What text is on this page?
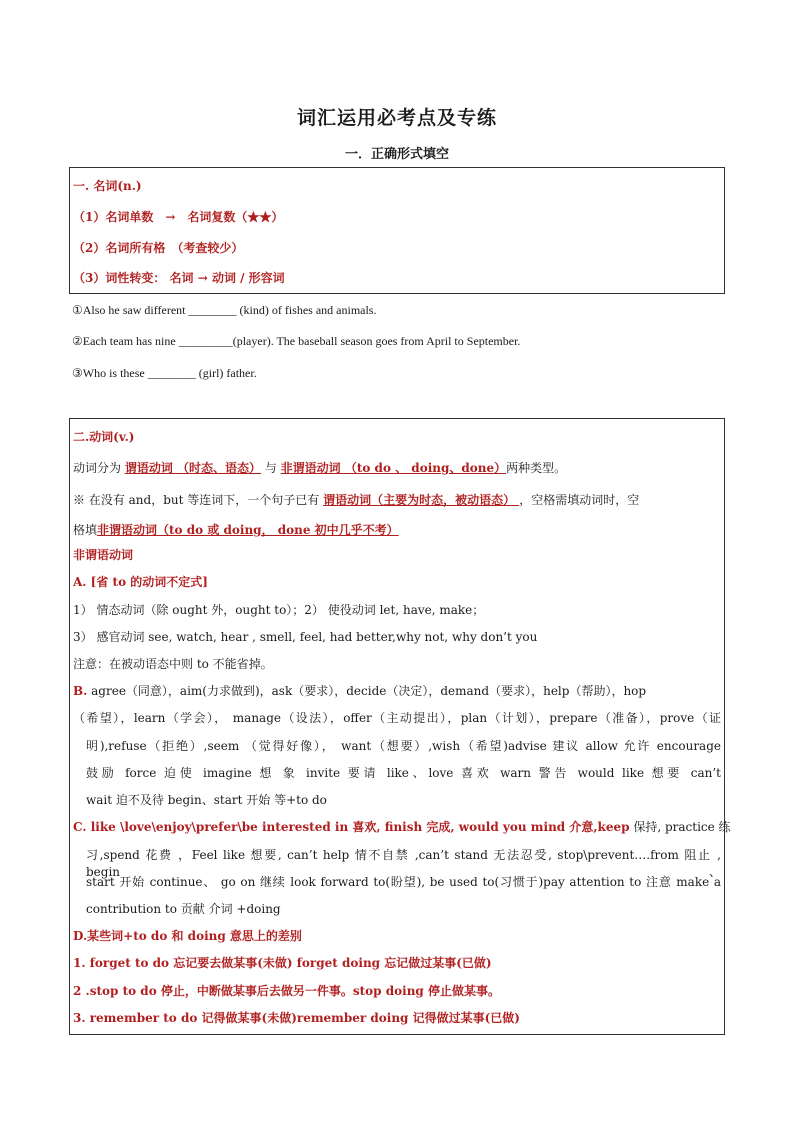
词汇运用必考点及专练
一．正确形式填空
一. 名词(n.)
（1）名词单数　→　名词复数（★★）
（2）名词所有格　（考查较少）
（3）词性转变： 名词 → 动词 / 形容词
①Also he saw different ________ (kind) of fishes and animals.
②Each team has nine _________(player). The baseball season goes from April to September.
③Who is these ________ (girl) father.
二.动词(v.)
动词分为 谓语动词 （时态、语态） 与 非谓语动词 （to do 、 doing、done）两种类型。
※ 在没有 and，but 等连词下，一个句子已有 谓语动词（主要为时态，被动语态） ，空格需填动词时，空
格填非谓语动词（to do 或 doing， done 初中几乎不考）
非谓语动词
A. [省 to 的动词不定式]
1） 情态动词（除 ought 外，ought to）；2） 使役动词 let, have, make；
3） 感官动词 see, watch, hear , smell, feel, had better,why not, why don’t you
注意：在被动语态中则 to 不能省掉。
B. agree（同意），aim(力求做到)，ask（要求），decide（决定），demand（要求），help（帮助），hop
（希望），learn（学会）， manage（设法），offer（主动提出），plan（计划），prepare（准备），prove（证
明),refuse（拒绝）,seem （觉得好像）， want（想要）,wish（希望)advise 建议 allow 允许 encourage
鼓励 force 迫使 imagine 想 象 invite 要请 like、love 喜欢 warn 警告 would like 想要 can’t
wait 迫不及待 begin、start 开始 等+to do
C. like \love\enjoy\prefer\be interested in 喜欢, finish 完成, would you mind 介意,keep 保持, practice 练
习,spend 花费 ，Feel like 想要, can’t help 情不自禁 ,can’t stand 无法忍受, stop\prevent….from 阻止 , begin、
start 开始 continue、 go on 继续 look forward to(盼望), be used to(习惯于)pay attention to 注意 make a
contribution to 贡献 介词 +doing
D.某些词+to do 和 doing 意思上的差别
1. forget to do 忘记要去做某事(未做) forget doing 忘记做过某事(已做)
2 .stop to do 停止，中断做某事后去做另一件事。stop doing 停止做某事。
3. remember to do 记得做某事(未做)remember doing 记得做过某事(已做)
